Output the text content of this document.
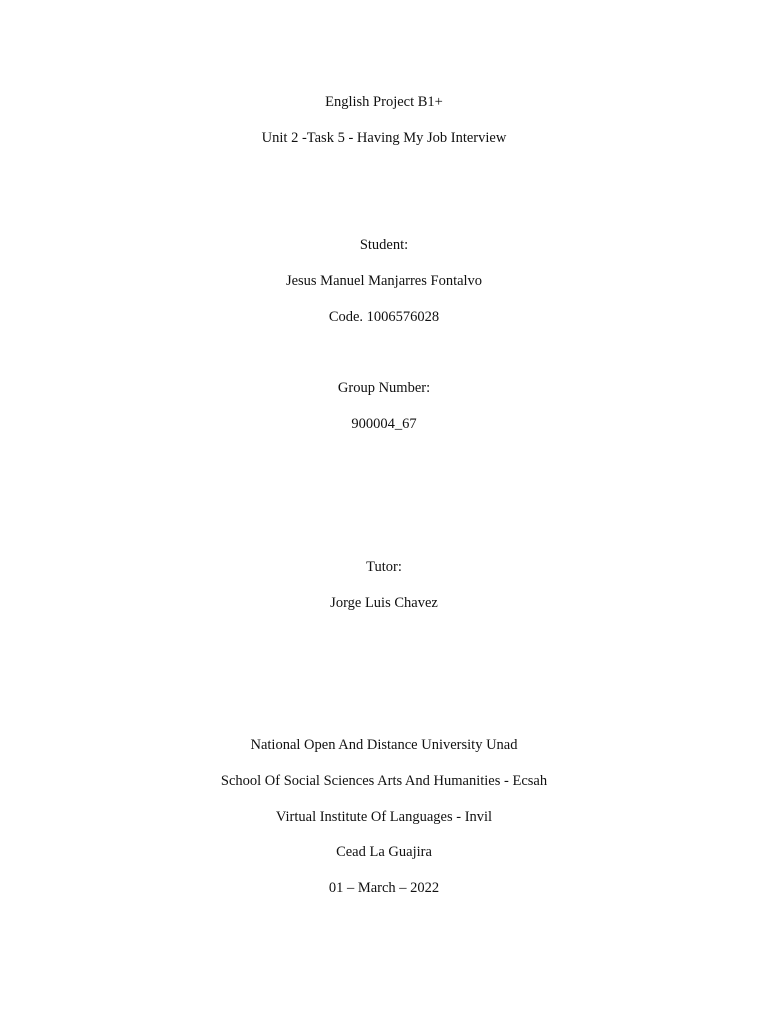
English Project B1+
Unit 2 -Task 5 - Having My Job Interview
Student:
Jesus Manuel Manjarres Fontalvo
Code. 1006576028
Group Number:
900004_67
Tutor:
Jorge Luis Chavez
National Open And Distance University Unad
School Of Social Sciences Arts And Humanities - Ecsah
Virtual Institute Of Languages - Invil
Cead La Guajira
01 – March – 2022
